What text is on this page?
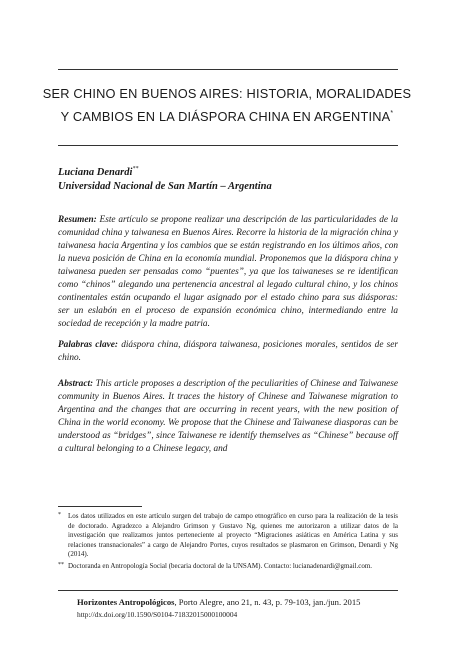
SER CHINO EN BUENOS AIRES: HISTORIA, MORALIDADES Y CAMBIOS EN LA DIÁSPORA CHINA EN ARGENTINA*
Luciana Denardi**
Universidad Nacional de San Martín – Argentina

Resumen: Este artículo se propone realizar una descripción de las particularidades de la comunidad china y taiwanesa en Buenos Aires. Recorre la historia de la migración china y taiwanesa hacia Argentina y los cambios que se están registrando en los últimos años, con la nueva posición de China en la economía mundial. Proponemos que la diáspora china y taiwanesa pueden ser pensadas como “puentes”, ya que los taiwaneses se re identifican como “chinos” alegando una pertenencia ancestral al legado cultural chino, y los chinos continentales están ocupando el lugar asignado por el estado chino para sus diásporas: ser un eslabón en el proceso de expansión económica chino, intermediando entre la sociedad de recepción y la madre patria.

Palabras clave: diáspora china, diáspora taiwanesa, posiciones morales, sentidos de ser chino.

Abstract: This article proposes a description of the peculiarities of Chinese and Taiwanese community in Buenos Aires. It traces the history of Chinese and Taiwanese migration to Argentina and the changes that are occurring in recent years, with the new position of China in the world economy. We propose that the Chinese and Taiwanese diasporas can be understood as “bridges”, since Taiwanese re identify themselves as “Chinese” because off a cultural belonging to a Chinese legacy, and

* Los datos utilizados en este artículo surgen del trabajo de campo etnográfico en curso para la realización de la tesis de doctorado. Agradezco a Alejandro Grimson y Gustavo Ng, quienes me autorizaron a utilizar datos de la investigación que realizamos juntos perteneciente al proyecto “Migraciones asiáticas en América Latina y sus relaciones transnacionales” a cargo de Alejandro Portes, cuyos resultados se plasmaron en Grimson, Denardi y Ng (2014).

** Doctoranda en Antropología Social (becaria doctoral de la UNSAM). Contacto: lucianadenardi@gmail.com.

Horizontes Antropológicos, Porto Alegre, ano 21, n. 43, p. 79-103, jan./jun. 2015
http://dx.doi.org/10.1590/S0104-71832015000100004
